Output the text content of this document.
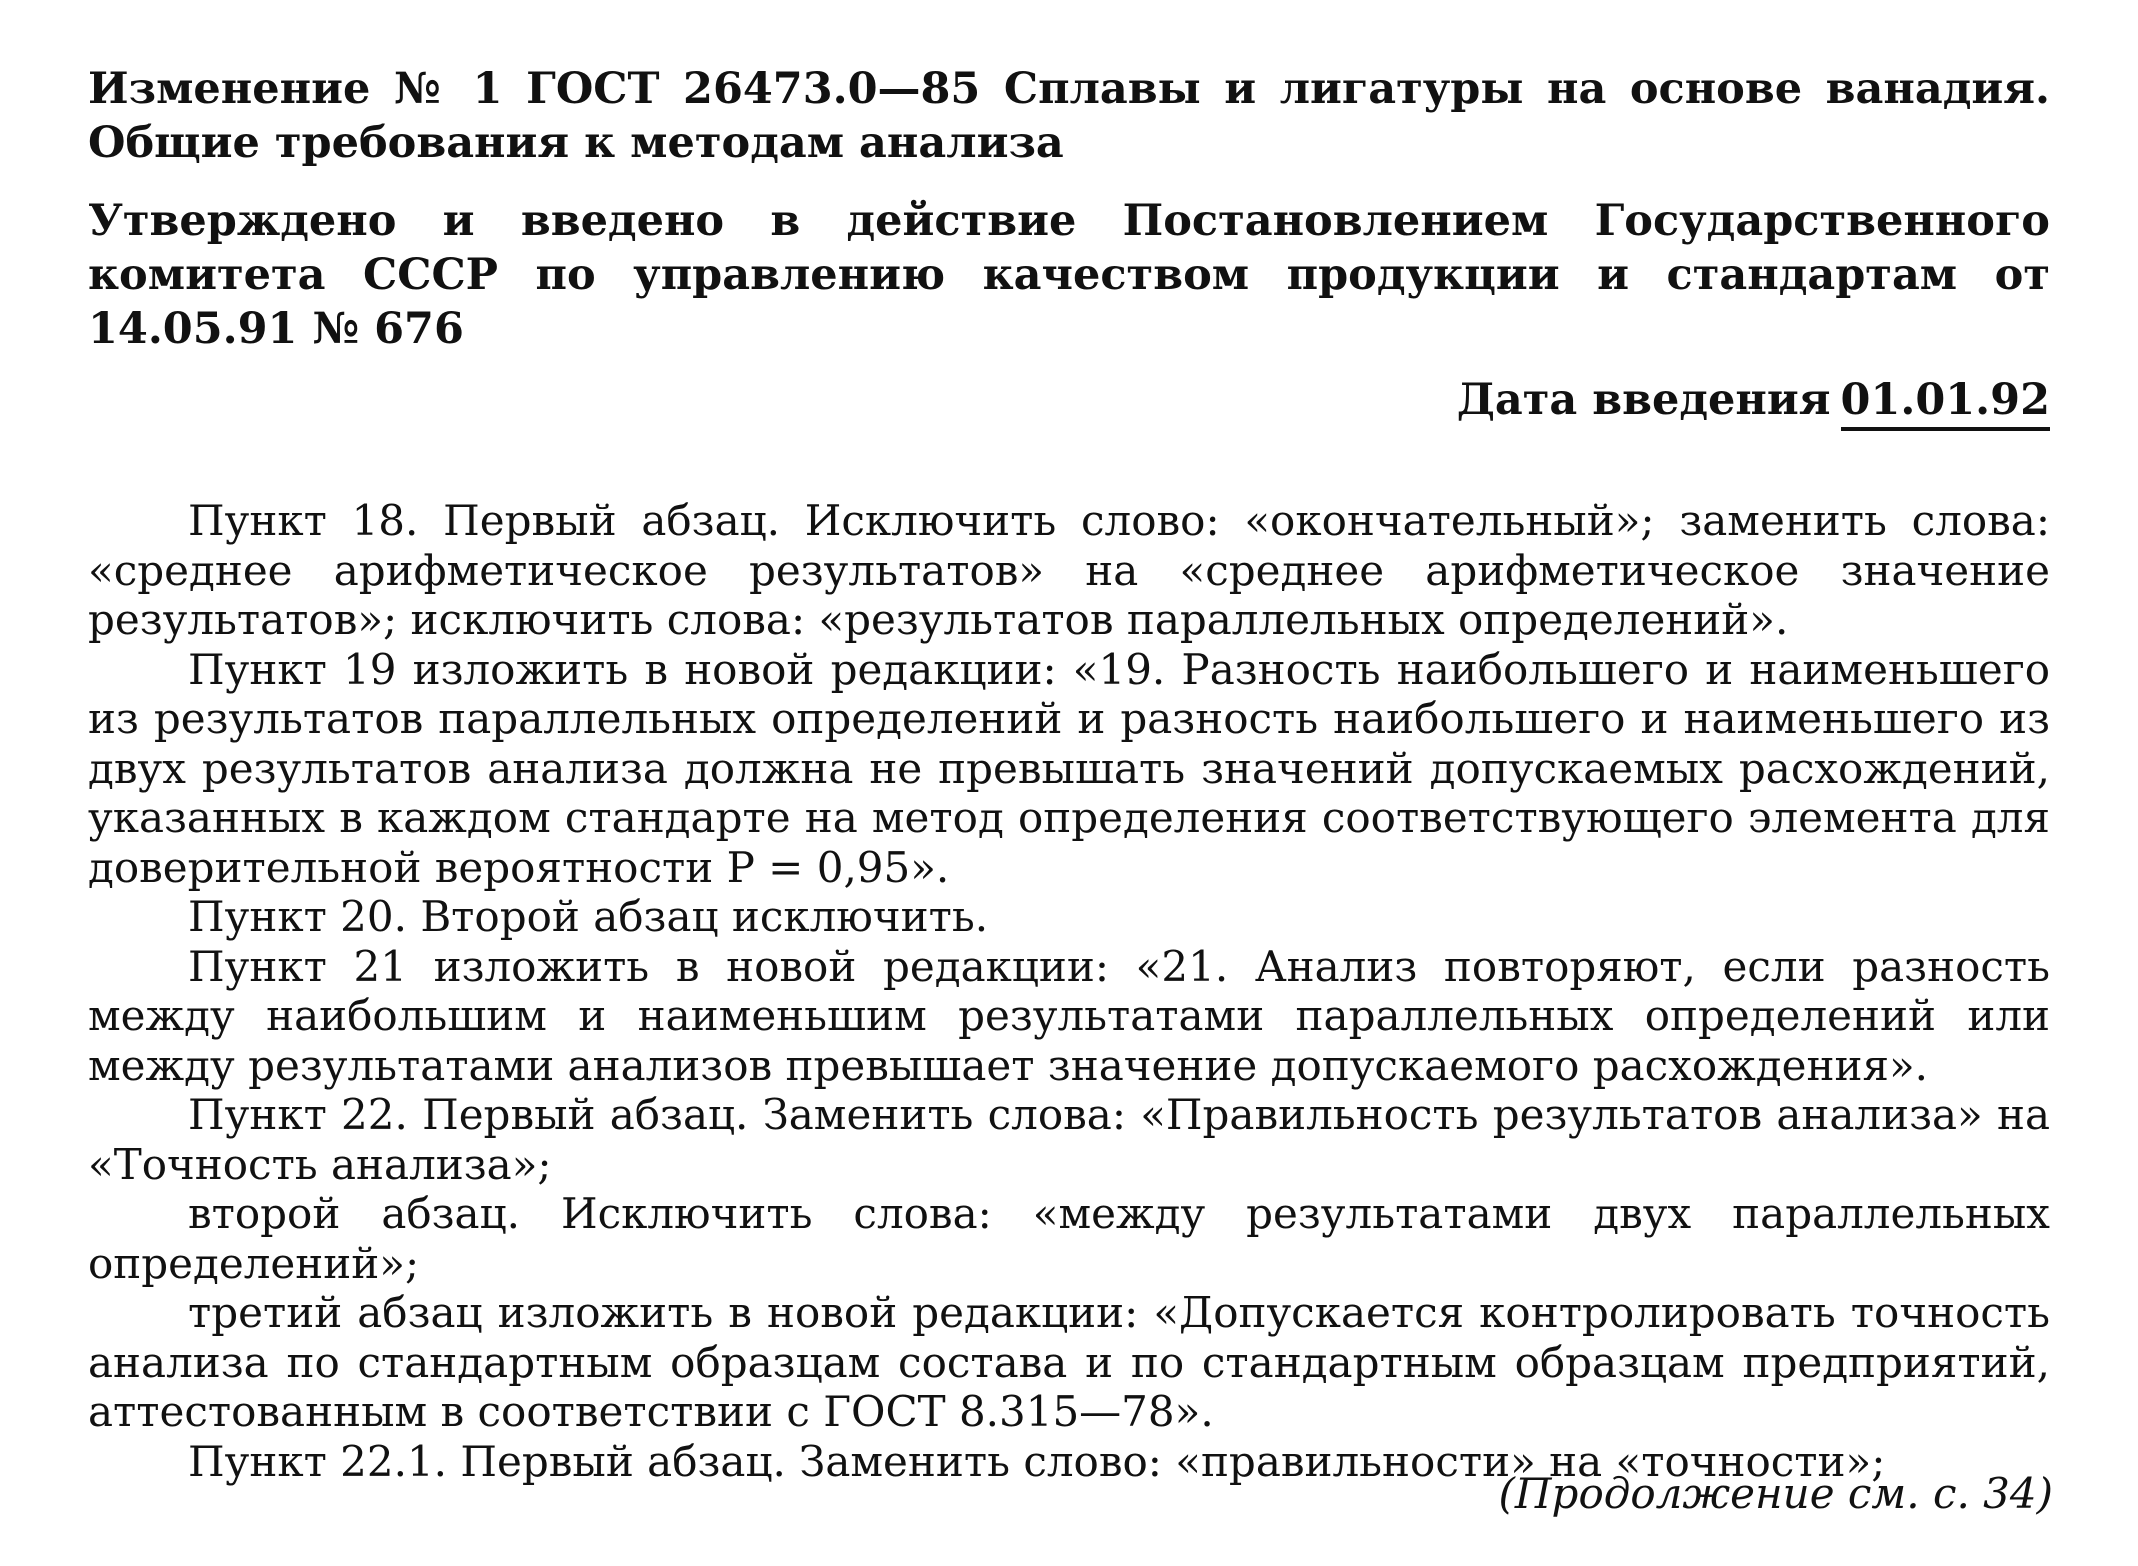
Изменение № 1 ГОСТ 26473.0—85 Сплавы и лигатуры на основе ванадия. Общие требования к методам анализа

Утверждено и введено в действие Постановлением Государственного комитета СССР по управлению качеством продукции и стандартам от 14.05.91 № 676

Дата введения 01.01.92

Пункт 18. Первый абзац. Исключить слово: «окончательный»; заменить слова: «среднее арифметическое результатов» на «среднее арифметическое значение результатов»; исключить слова: «результатов параллельных определений».

Пункт 19 изложить в новой редакции: «19. Разность наибольшего и наименьшего из результатов параллельных определений и разность наибольшего и наименьшего из двух результатов анализа должна не превышать значений допускаемых расхождений, указанных в каждом стандарте на метод определения соответствующего элемента для доверительной вероятности P = 0,95».

Пункт 20. Второй абзац исключить.

Пункт 21 изложить в новой редакции: «21. Анализ повторяют, если разность между наибольшим и наименьшим результатами параллельных определений или между результатами анализов превышает значение допускаемого расхождения».

Пункт 22. Первый абзац. Заменить слова: «Правильность результатов анализа» на «Точность анализа»;

второй абзац. Исключить слова: «между результатами двух параллельных определений»;

третий абзац изложить в новой редакции: «Допускается контролировать точность анализа по стандартным образцам состава и по стандартным образцам предприятий, аттестованным в соответствии с ГОСТ 8.315—78».

Пункт 22.1. Первый абзац. Заменить слово: «правильности» на «точности»;

(Продолжение см. с. 34)
